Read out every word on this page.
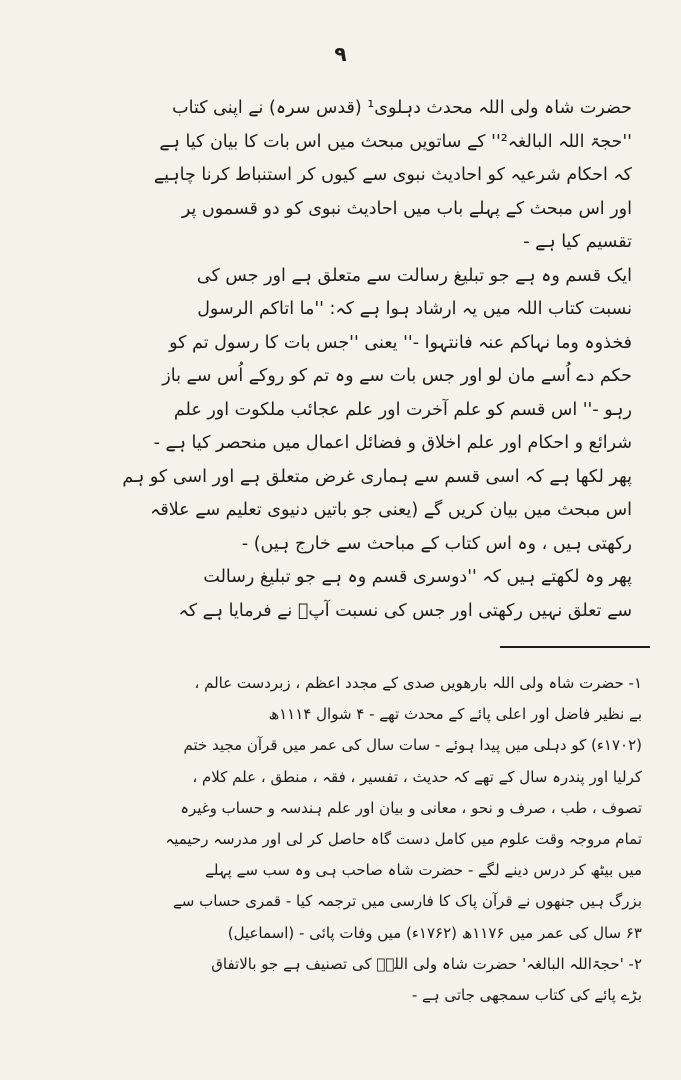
۹
حضرت شاہ ولی اللہ محدث دہلوی¹ (قدس سرہ) نے اپنی کتاب
''حجۃ اللہ البالغہ²'' کے ساتویں مبحث میں اس بات کا بیان کیا ہے
کہ احکام شرعیہ کو احادیث نبوی سے کیوں کر استنباط کرنا چاہیے
اور اس مبحث کے پہلے باب میں احادیث نبوی کو دو قسموں پر
تقسیم کیا ہے -
ایک قسم وہ ہے جو تبلیغ رسالت سے متعلق ہے اور جس کی
نسبت کتاب اللہ میں یہ ارشاد ہوا ہے کہ: ''ما اتاکم الرسول
فخذوہ وما نہاکم عنہ فانتہوا -'' یعنی ''جس بات کا رسول تم کو
حکم دے اُسے مان لو اور جس بات سے وہ تم کو روکے اُس سے باز
رہو -'' اس قسم کو علم آخرت اور علم عجائب ملکوت اور علم
شرائع و احکام اور علم اخلاق و فضائل اعمال میں منحصر کیا ہے -
پھر لکھا ہے کہ اسی قسم سے ہماری غرض متعلق ہے اور اسی کو ہم
اس مبحث میں بیان کریں گے (یعنی جو باتیں دنیوی تعلیم سے علاقہ
رکھتی ہیں ، وہ اس کتاب کے مباحث سے خارج ہیں) -
پھر وہ لکھتے ہیں کہ ''دوسری قسم وہ ہے جو تبلیغ رسالت
سے تعلق نہیں رکھتی اور جس کی نسبت آپؐ نے فرمایا ہے کہ
۱- حضرت شاہ ولی اللہ بارھویں صدی کے مجدد اعظم ، زبردست عالم ،
بے نظیر فاضل اور اعلی پائے کے محدث تھے - ۴ شوال ۱۱۱۴ھ
(۱۷۰۲ء) کو دہلی میں پیدا ہوئے - سات سال کی عمر میں قرآن مجید ختم
کرلیا اور پندرہ سال کے تھے کہ حدیث ، تفسیر ، فقہ ، منطق ، علم کلام ،
تصوف ، طب ، صرف و نحو ، معانی و بیان اور علم ہندسہ و حساب وغیرہ
تمام مروجہ وقت علوم میں کامل دست گاہ حاصل کر لی اور مدرسہ رحیمیہ
میں بیٹھ کر درس دینے لگے - حضرت شاہ صاحب ہی وہ سب سے پہلے
بزرگ ہیں جنھوں نے قرآن پاک کا فارسی میں ترجمہ کیا - قمری حساب سے
۶۳ سال کی عمر میں ۱۱۷۶ھ (۱۷۶۲ء) میں وفات پائی - (اسماعیل)
۲- 'حجۃاللہ البالغہ' حضرت شاہ ولی اللہؒ کی تصنیف ہے جو بالاتفاق
بڑے پائے کی کتاب سمجھی جاتی ہے -
